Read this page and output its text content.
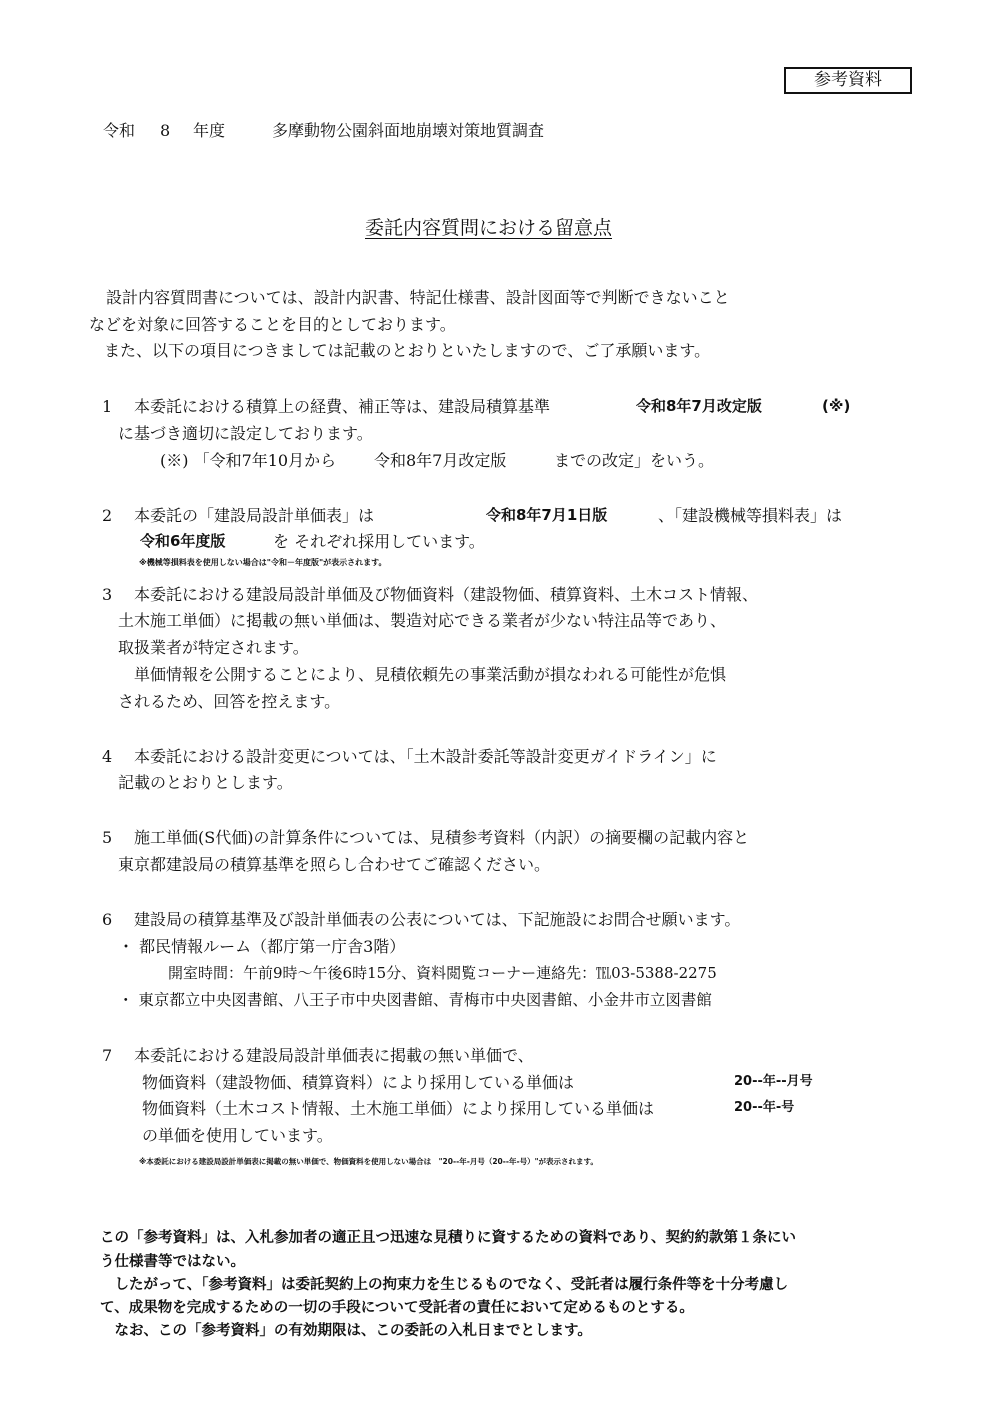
参考資料
令和 8 年度	多摩動物公園斜面地崩壊対策地質調査
委託内容質問における留意点
設計内容質問書については、設計内訳書、特記仕様書、設計図面等で判断できないこと
などを対象に回答することを目的としております。
また、以下の項目につきましては記載のとおりといたしますので、ご了承願います。
1 本委託における積算上の経費、補正等は、建設局積算基準	令和8年7月改定版	(※)
に基づき適切に設定しております。
(※) 「令和7年10月から 令和8年7月改定版	までの改定」をいう。
2 本委託の「建設局設計単価表」は	令和8年7月1日版	、「建設機械等損料表」は
令和6年度版	を それぞれ採用しています。
※機械等損料表を使用しない場合は"令和－年度版"が表示されます。
3 本委託における建設局設計単価及び物価資料（建設物価、積算資料、土木コスト情報、
土木施工単価）に掲載の無い単価は、製造対応できる業者が少ない特注品等であり、
取扱業者が特定されます。
単価情報を公開することにより、見積依頼先の事業活動が損なわれる可能性が危惧
されるため、回答を控えます。
4 本委託における設計変更については、「土木設計委託等設計変更ガイドライン」に
記載のとおりとします。
5 施工単価(S代価)の計算条件については、見積参考資料（内訳）の摘要欄の記載内容と
東京都建設局の積算基準を照らし合わせてご確認ください。
6 建設局の積算基準及び設計単価表の公表については、下記施設にお問合せ願います。
・ 都民情報ルーム（都庁第一庁舎3階）
開室時間：午前9時～午後6時15分、資料閲覧コーナー連絡先：℡03-5388-2275
・ 東京都立中央図書館、八王子市中央図書館、青梅市中央図書館、小金井市立図書館
7 本委託における建設局設計単価表に掲載の無い単価で、
物価資料（建設物価、積算資料）により採用している単価は	20--年--月号
物価資料（土木コスト情報、土木施工単価）により採用している単価は	20--年-号
の単価を使用しています。
※本委託における建設局設計単価表に掲載の無い単価で、物価資料を使用しない場合は　"20--年-月号（20--年-号）"が表示されます。
この「参考資料」は、入札参加者の適正且つ迅速な見積りに資するための資料であり、契約約款第１条にい
う仕様書等ではない。
　したがって、「参考資料」は委託契約上の拘束力を生じるものでなく、受託者は履行条件等を十分考慮し
て、成果物を完成するための一切の手段について受託者の責任において定めるものとする。
　なお、この「参考資料」の有効期限は、この委託の入札日までとします。
